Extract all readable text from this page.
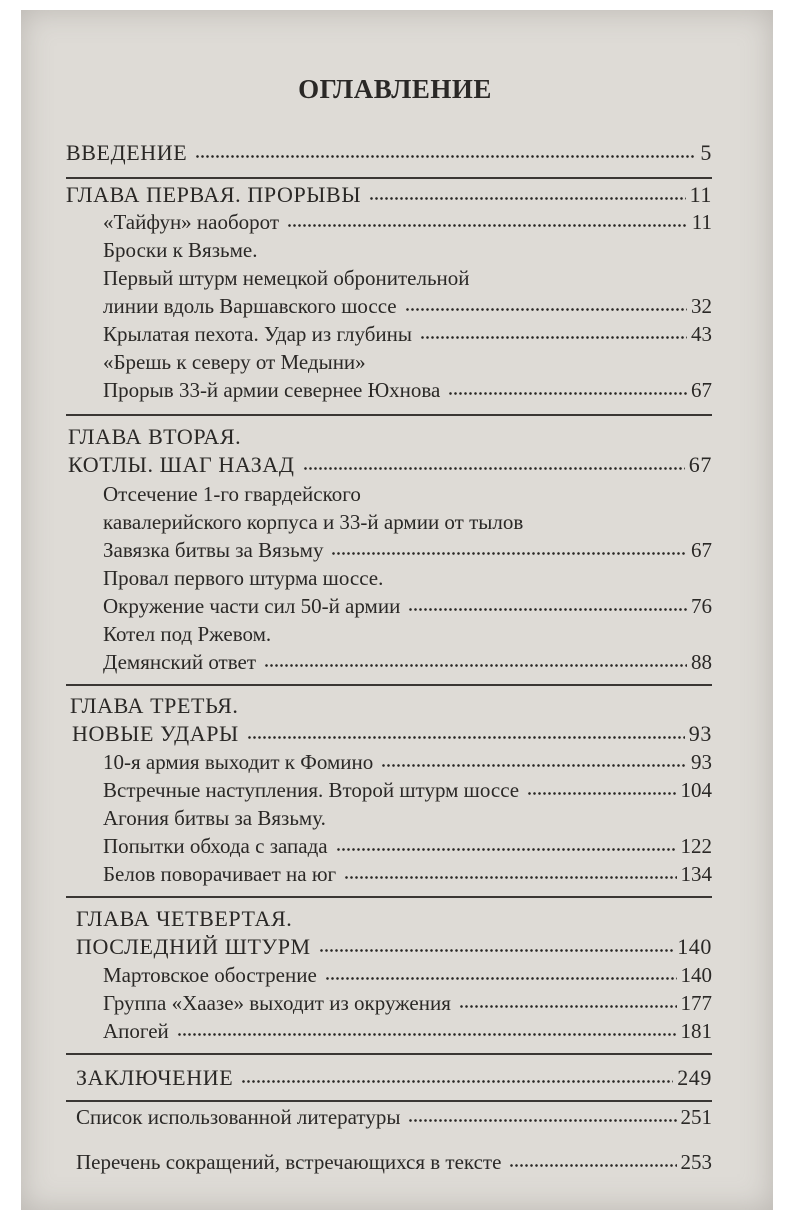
ОГЛАВЛЕНИЕ
ВВЕДЕНИЕ	5
ГЛАВА ПЕРВАЯ. ПРОРЫВЫ	11
«Тайфун» наоборот	11
Броски к Вязьме.
Первый штурм немецкой обронительной
линии вдоль Варшавского шоссе	32
Крылатая пехота. Удар из глубины	43
«Брешь к северу от Медыни»
Прорыв 33-й армии севернее Юхнова	67
ГЛАВА ВТОРАЯ.
КОТЛЫ. ШАГ НАЗАД	67
Отсечение 1-го гвардейского
кавалерийского корпуса и 33-й армии от тылов
Завязка битвы за Вязьму	67
Провал первого штурма шоссе.
Окружение части сил 50-й армии	76
Котел под Ржевом.
Демянский ответ	88
ГЛАВА ТРЕТЬЯ.
НОВЫЕ УДАРЫ	93
10-я армия выходит к Фомино	93
Встречные наступления. Второй штурм шоссе	104
Агония битвы за Вязьму.
Попытки обхода с запада	122
Белов поворачивает на юг	134
ГЛАВА ЧЕТВЕРТАЯ.
ПОСЛЕДНИЙ ШТУРМ	140
Мартовское обострение	140
Группа «Хаазе» выходит из окружения	177
Апогей	181
ЗАКЛЮЧЕНИЕ	249
Список использованной литературы	251
Перечень сокращений, встречающихся в тексте	253
